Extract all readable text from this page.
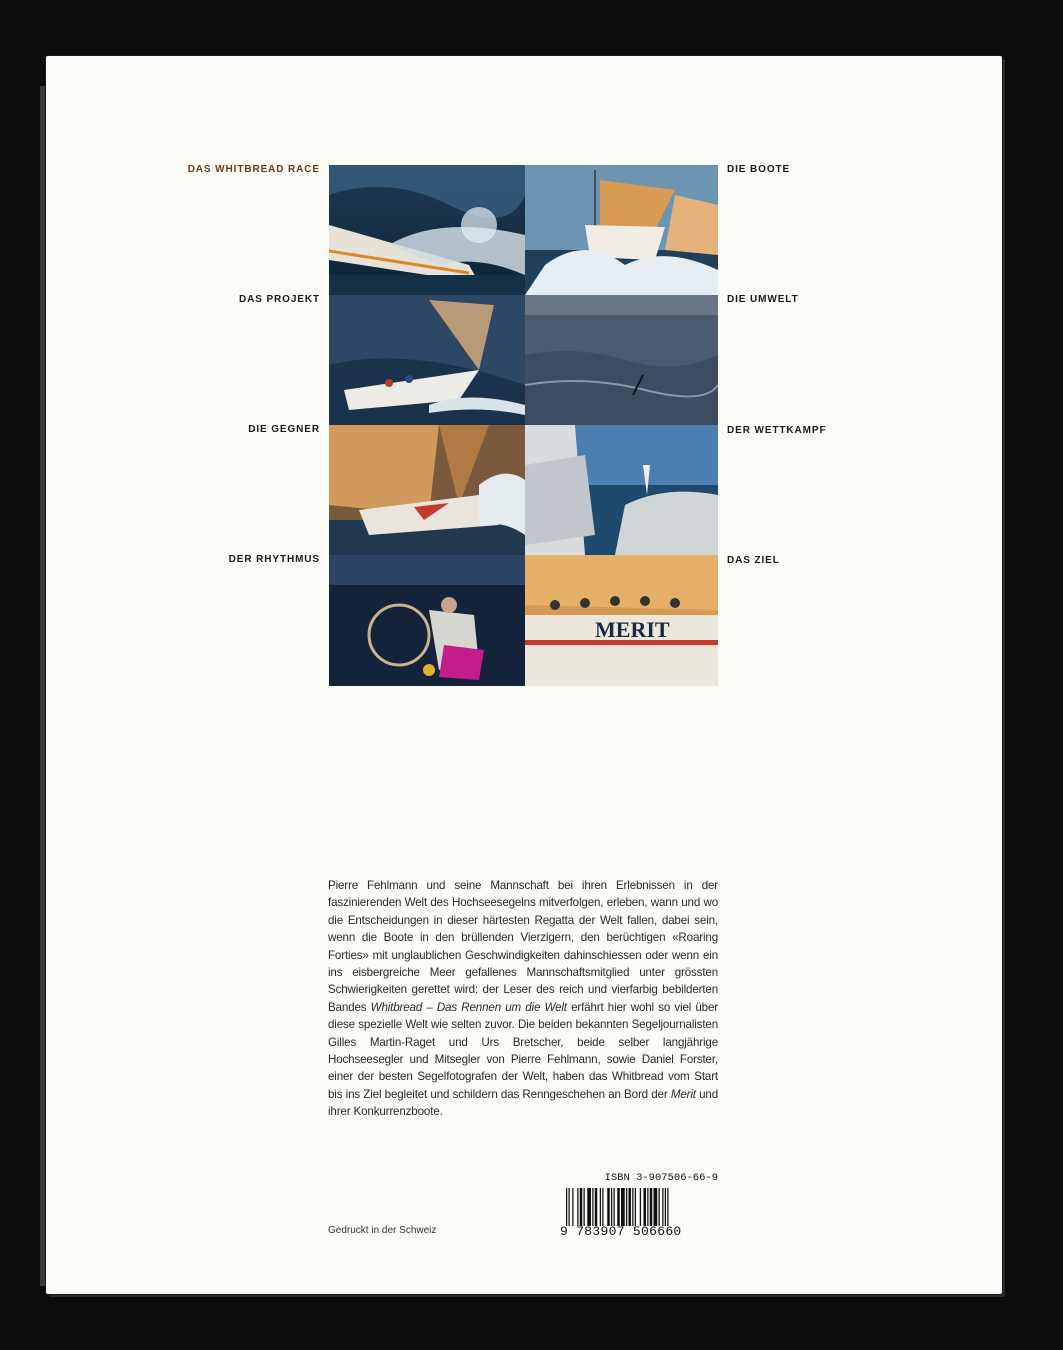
DAS WHITBREAD RACE
DAS PROJEKT
DIE GEGNER
DER RHYTHMUS
DIE BOOTE
DIE UMWELT
DER WETTKAMPF
DAS ZIEL
MERIT
Pierre Fehlmann und seine Mannschaft bei ihren Erlebnissen in der faszinierenden Welt des Hochseesegelns mitverfolgen, erleben, wann und wo die Entscheidungen in dieser härtesten Regatta der Welt fallen, dabei sein, wenn die Boote in den brüllenden Vierzigern, den berüchtigen «Roaring Forties» mit unglaublichen Geschwindigkeiten dahinschiessen oder wenn ein ins eisbergreiche Meer gefallenes Mannschaftsmitglied unter grössten Schwierigkeiten gerettet wird: der Leser des reich und vierfarbig bebilderten Bandes Whitbread – Das Rennen um die Welt erfährt hier wohl so viel über diese spezielle Welt wie selten zuvor. Die beiden bekannten Segeljournalisten Gilles Martin-Raget und Urs Bretscher, beide selber langjährige Hochseesegler und Mitsegler von Pierre Fehlmann, sowie Daniel Forster, einer der besten Segelfotografen der Welt, haben das Whitbread vom Start bis ins Ziel begleitet und schildern das Renngeschehen an Bord der Merit und ihrer Konkurrenzboote.
Gedruckt in der Schweiz
ISBN 3-907506-66-9
9 783907 506660
